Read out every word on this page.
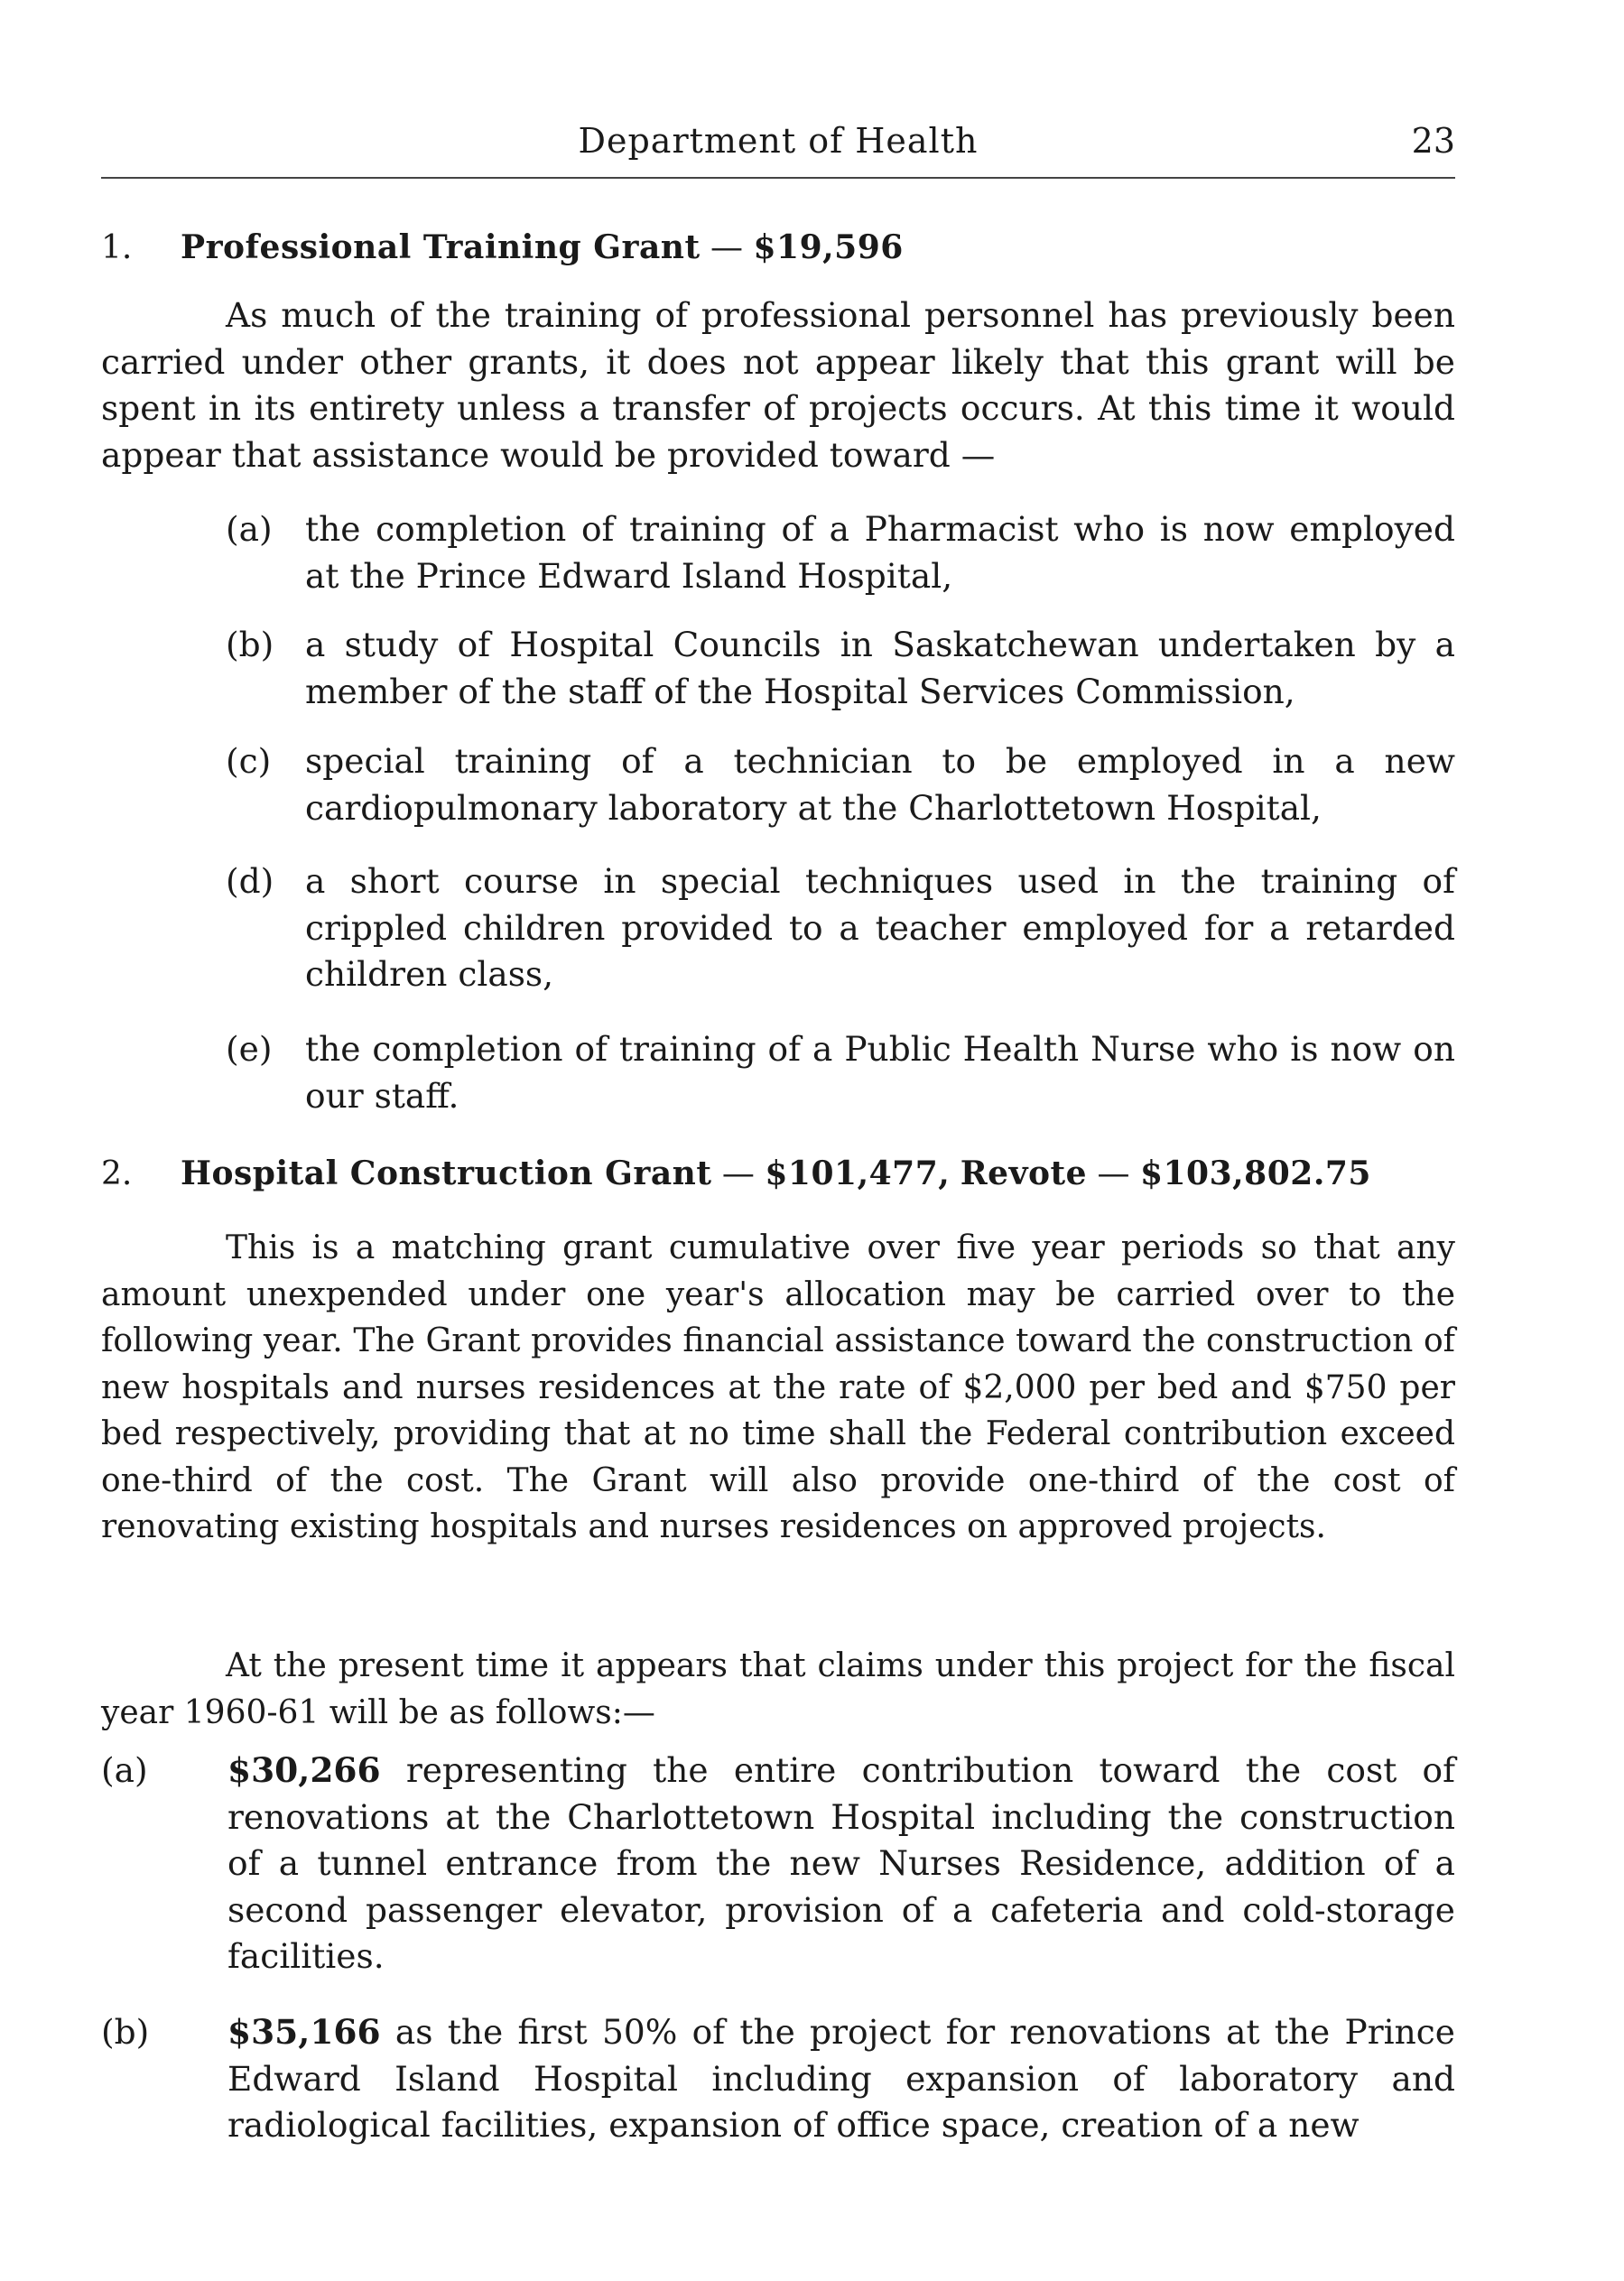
Department of Health	23
1. Professional Training Grant — $19,596

As much of the training of professional personnel has previously been carried under other grants, it does not appear likely that this grant will be spent in its entirety unless a transfer of projects occurs. At this time it would appear that assistance would be provided toward —

(a) the completion of training of a Pharmacist who is now employed at the Prince Edward Island Hospital,
(b) a study of Hospital Councils in Saskatchewan undertaken by a member of the staff of the Hospital Services Commission,
(c) special training of a technician to be employed in a new cardiopulmonary laboratory at the Charlottetown Hospital,
(d) a short course in special techniques used in the training of crippled children provided to a teacher employed for a retarded children class,
(e) the completion of training of a Public Health Nurse who is now on our staff.
2. Hospital Construction Grant — $101,477, Revote — $103,802.75

This is a matching grant cumulative over five year periods so that any amount unexpended under one year's allocation may be carried over to the following year. The Grant provides financial assistance toward the construction of new hospitals and nurses residences at the rate of $2,000 per bed and $750 per bed respectively, providing that at no time shall the Federal contribution exceed one-third of the cost. The Grant will also provide one-third of the cost of renovating existing hospitals and nurses residences on approved projects.

At the present time it appears that claims under this project for the fiscal year 1960-61 will be as follows:—

(a) $30,266 representing the entire contribution toward the cost of renovations at the Charlottetown Hospital including the construction of a tunnel entrance from the new Nurses Residence, addition of a second passenger elevator, provision of a cafeteria and cold-storage facilities.
(b) $35,166 as the first 50% of the project for renovations at the Prince Edward Island Hospital including expansion of laboratory and radiological facilities, expansion of office space, creation of a new
